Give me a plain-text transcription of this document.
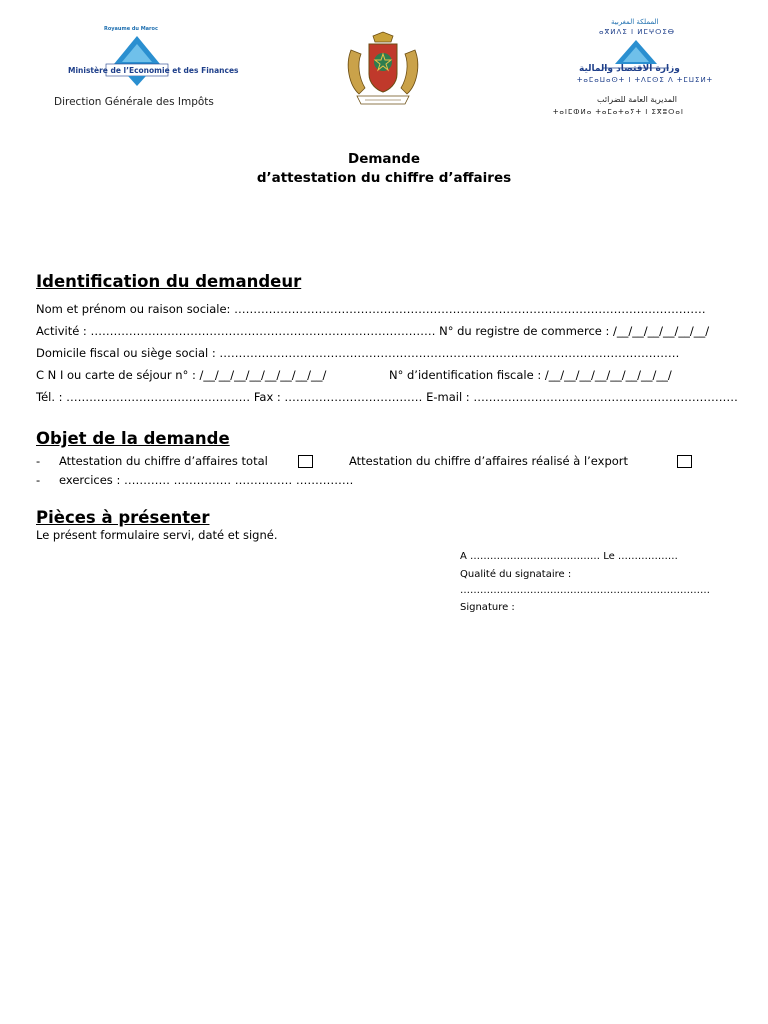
Royaume du Maroc
Ministère de l’Economie et des Finances
Direction Générale des Impôts
المملكة المغربية
ⴰⴳⵍⴷⵉ ⵏ ⵍⵎⵖⵔⵉⴱ
وزارة الاقتصاد والمالية
ⵜⴰⵎⴰⵡⴰⵙⵜ ⵏ ⵜⴷⵎⵙⵉ ⴷ ⵜⵎⵡⵉⵍⵜ
المديرية العامة للضرائب
ⵜⴰⵏⵎⵀⵍⴰ ⵜⴰⵎⴰⵜⴰⵢⵜ ⵏ ⵉⴳⵓⵔⴰⵏ
Demande
d’attestation du chiffre d’affaires
Identification du demandeur
Nom et prénom ou raison sociale: ……………………………………………………………………………………………………………
Activité : ……………………………………………………………………………… N° du registre de commerce : /__/__/__/__/__/__/
Domicile fiscal ou siège social : …………………………………………………………………………………………………………
C N I ou carte de séjour n° : /__/__/__/__/__/__/__/__/	N° d’identification fiscale : /__/__/__/__/__/__/__/__/
Tél. : ………………………………………… Fax : ……………………………… E-mail : ……………………………………………………………
Objet de la demande
- Attestation du chiffre d’affaires total	Attestation du chiffre d’affaires réalisé à l’export
- exercices : ………… …………… …………… ……………
Pièces à présenter
Le présent formulaire servi, daté et signé.
A ………………………………… Le ………………
Qualité du signataire :
…………………………………………………………………
Signature :
